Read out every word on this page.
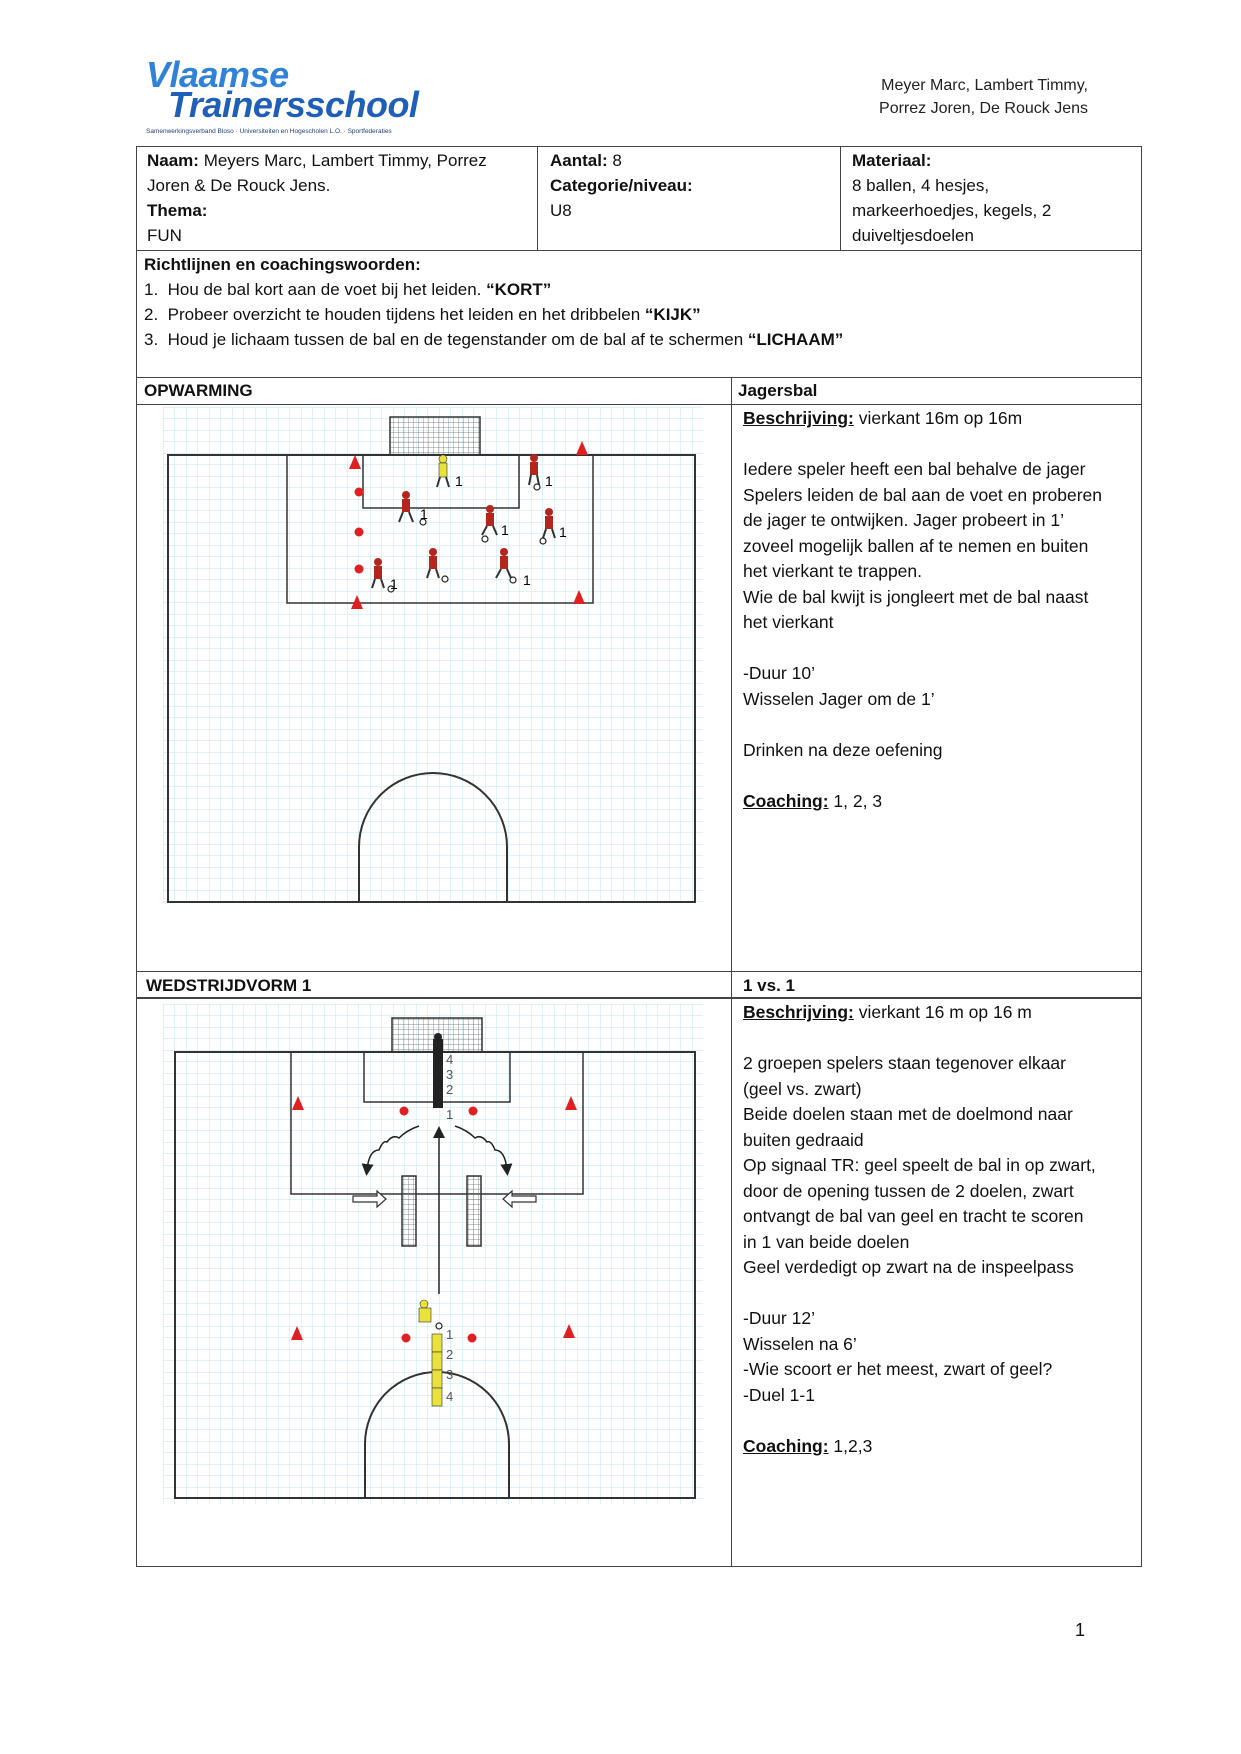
Vlaamse
Trainersschool
Samenwerkingsverband Bloso · Universiteiten en Hogescholen L.O. · Sportfederaties
Meyer Marc, Lambert Timmy,
Porrez Joren, De Rouck Jens
Naam: Meyers Marc, Lambert Timmy, Porrez
Joren & De Rouck Jens.
Thema:
FUN
Aantal: 8
Categorie/niveau:
U8
Materiaal:
8 ballen, 4 hesjes,
markeerhoedjes, kegels, 2
duiveltjesdoelen
Richtlijnen en coachingswoorden:
1. Hou de bal kort aan de voet bij het leiden. “KORT”
2. Probeer overzicht te houden tijdens het leiden en het dribbelen “KIJK”
3. Houd je lichaam tussen de bal en de tegenstander om de bal af te schermen “LICHAAM”
OPWARMING	Jagersbal
Beschrijving: vierkant 16m op 16m
Iedere speler heeft een bal behalve de jager
Spelers leiden de bal aan de voet en proberen
de jager te ontwijken. Jager probeert in 1’
zoveel mogelijk ballen af te nemen en buiten
het vierkant te trappen.
Wie de bal kwijt is jongleert met de bal naast
het vierkant
-Duur 10’
Wisselen Jager om de 1’
Drinken na deze oefening
Coaching: 1, 2, 3
1	1
1
1	1
1	1
WEDSTRIJDVORM 1	1 vs. 1
Beschrijving: vierkant 16 m op 16 m
2 groepen spelers staan tegenover elkaar
(geel vs. zwart)
Beide doelen staan met de doelmond naar
buiten gedraaid
Op signaal TR: geel speelt de bal in op zwart,
door de opening tussen de 2 doelen, zwart
ontvangt de bal van geel en tracht te scoren
in 1 van beide doelen
Geel verdedigt op zwart na de inspeelpass
-Duur 12’
Wisselen na 6’
-Wie scoort er het meest, zwart of geel?
-Duel 1-1
Coaching: 1,2,3
4
3
2
1
1
2
3
4
1
